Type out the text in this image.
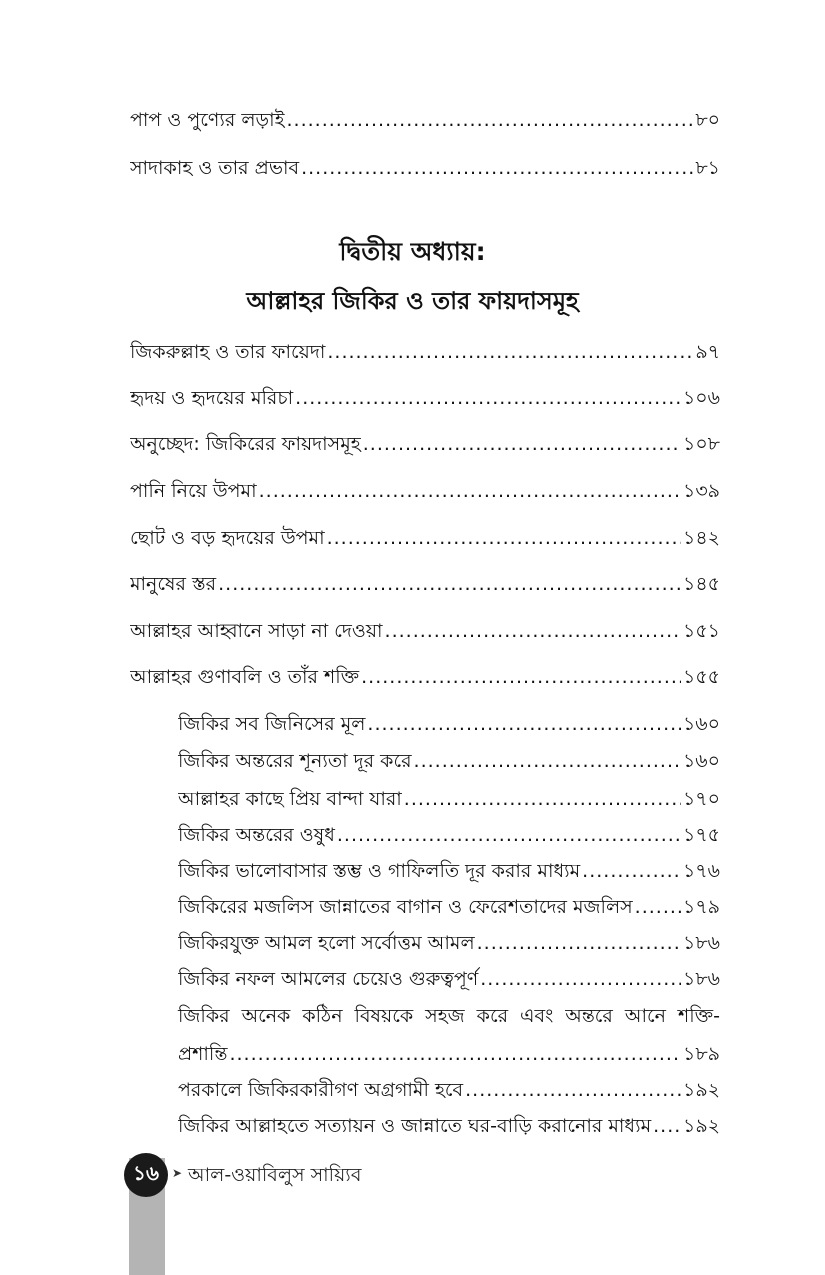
পাপ ও পুণ্যের লড়াই .....	৮০
সাদাকাহ ও তার প্রভাব .....	৮১
দ্বিতীয় অধ্যায়:
আল্লাহর জিকির ও তার ফায়দাসমূহ
জিকরুল্লাহ ও তার ফায়েদা .....	৯৭
হৃদয় ও হৃদয়ের মরিচা .....	১০৬
অনুচ্ছেদ: জিকিরের ফায়দাসমূহ .....	১০৮
পানি নিয়ে উপমা .....	১৩৯
ছোট ও বড় হৃদয়ের উপমা .....	১৪২
মানুষের স্তর .....	১৪৫
আল্লাহর আহ্বানে সাড়া না দেওয়া .....	১৫১
আল্লাহর গুণাবলি ও তাঁর শক্তি .....	১৫৫
জিকির সব জিনিসের মূল .....	১৬০
জিকির অন্তরের শূন্যতা দূর করে .....	১৬০
আল্লাহর কাছে প্রিয় বান্দা যারা .....	১৭০
জিকির অন্তরের ওষুধ .....	১৭৫
জিকির ভালোবাসার স্তম্ভ ও গাফিলতি দূর করার মাধ্যম .....	১৭৬
জিকিরের মজলিস জান্নাতের বাগান ও ফেরেশতাদের মজলিস .....	১৭৯
জিকিরযুক্ত আমল হলো সর্বোত্তম আমল .....	১৮৬
জিকির নফল আমলের চেয়েও গুরুত্বপূর্ণ .....	১৮৬
জিকির অনেক কঠিন বিষয়কে সহজ করে এবং অন্তরে আনে শক্তি-
প্রশান্তি .....	১৮৯
পরকালে জিকিরকারীগণ অগ্রগামী হবে .....	১৯২
জিকির আল্লাহতে সত্যায়ন ও জান্নাতে ঘর-বাড়ি করানোর মাধ্যম ..... ১৯২
১৬ ➤ আল-ওয়াবিলুস সায়্যিব
